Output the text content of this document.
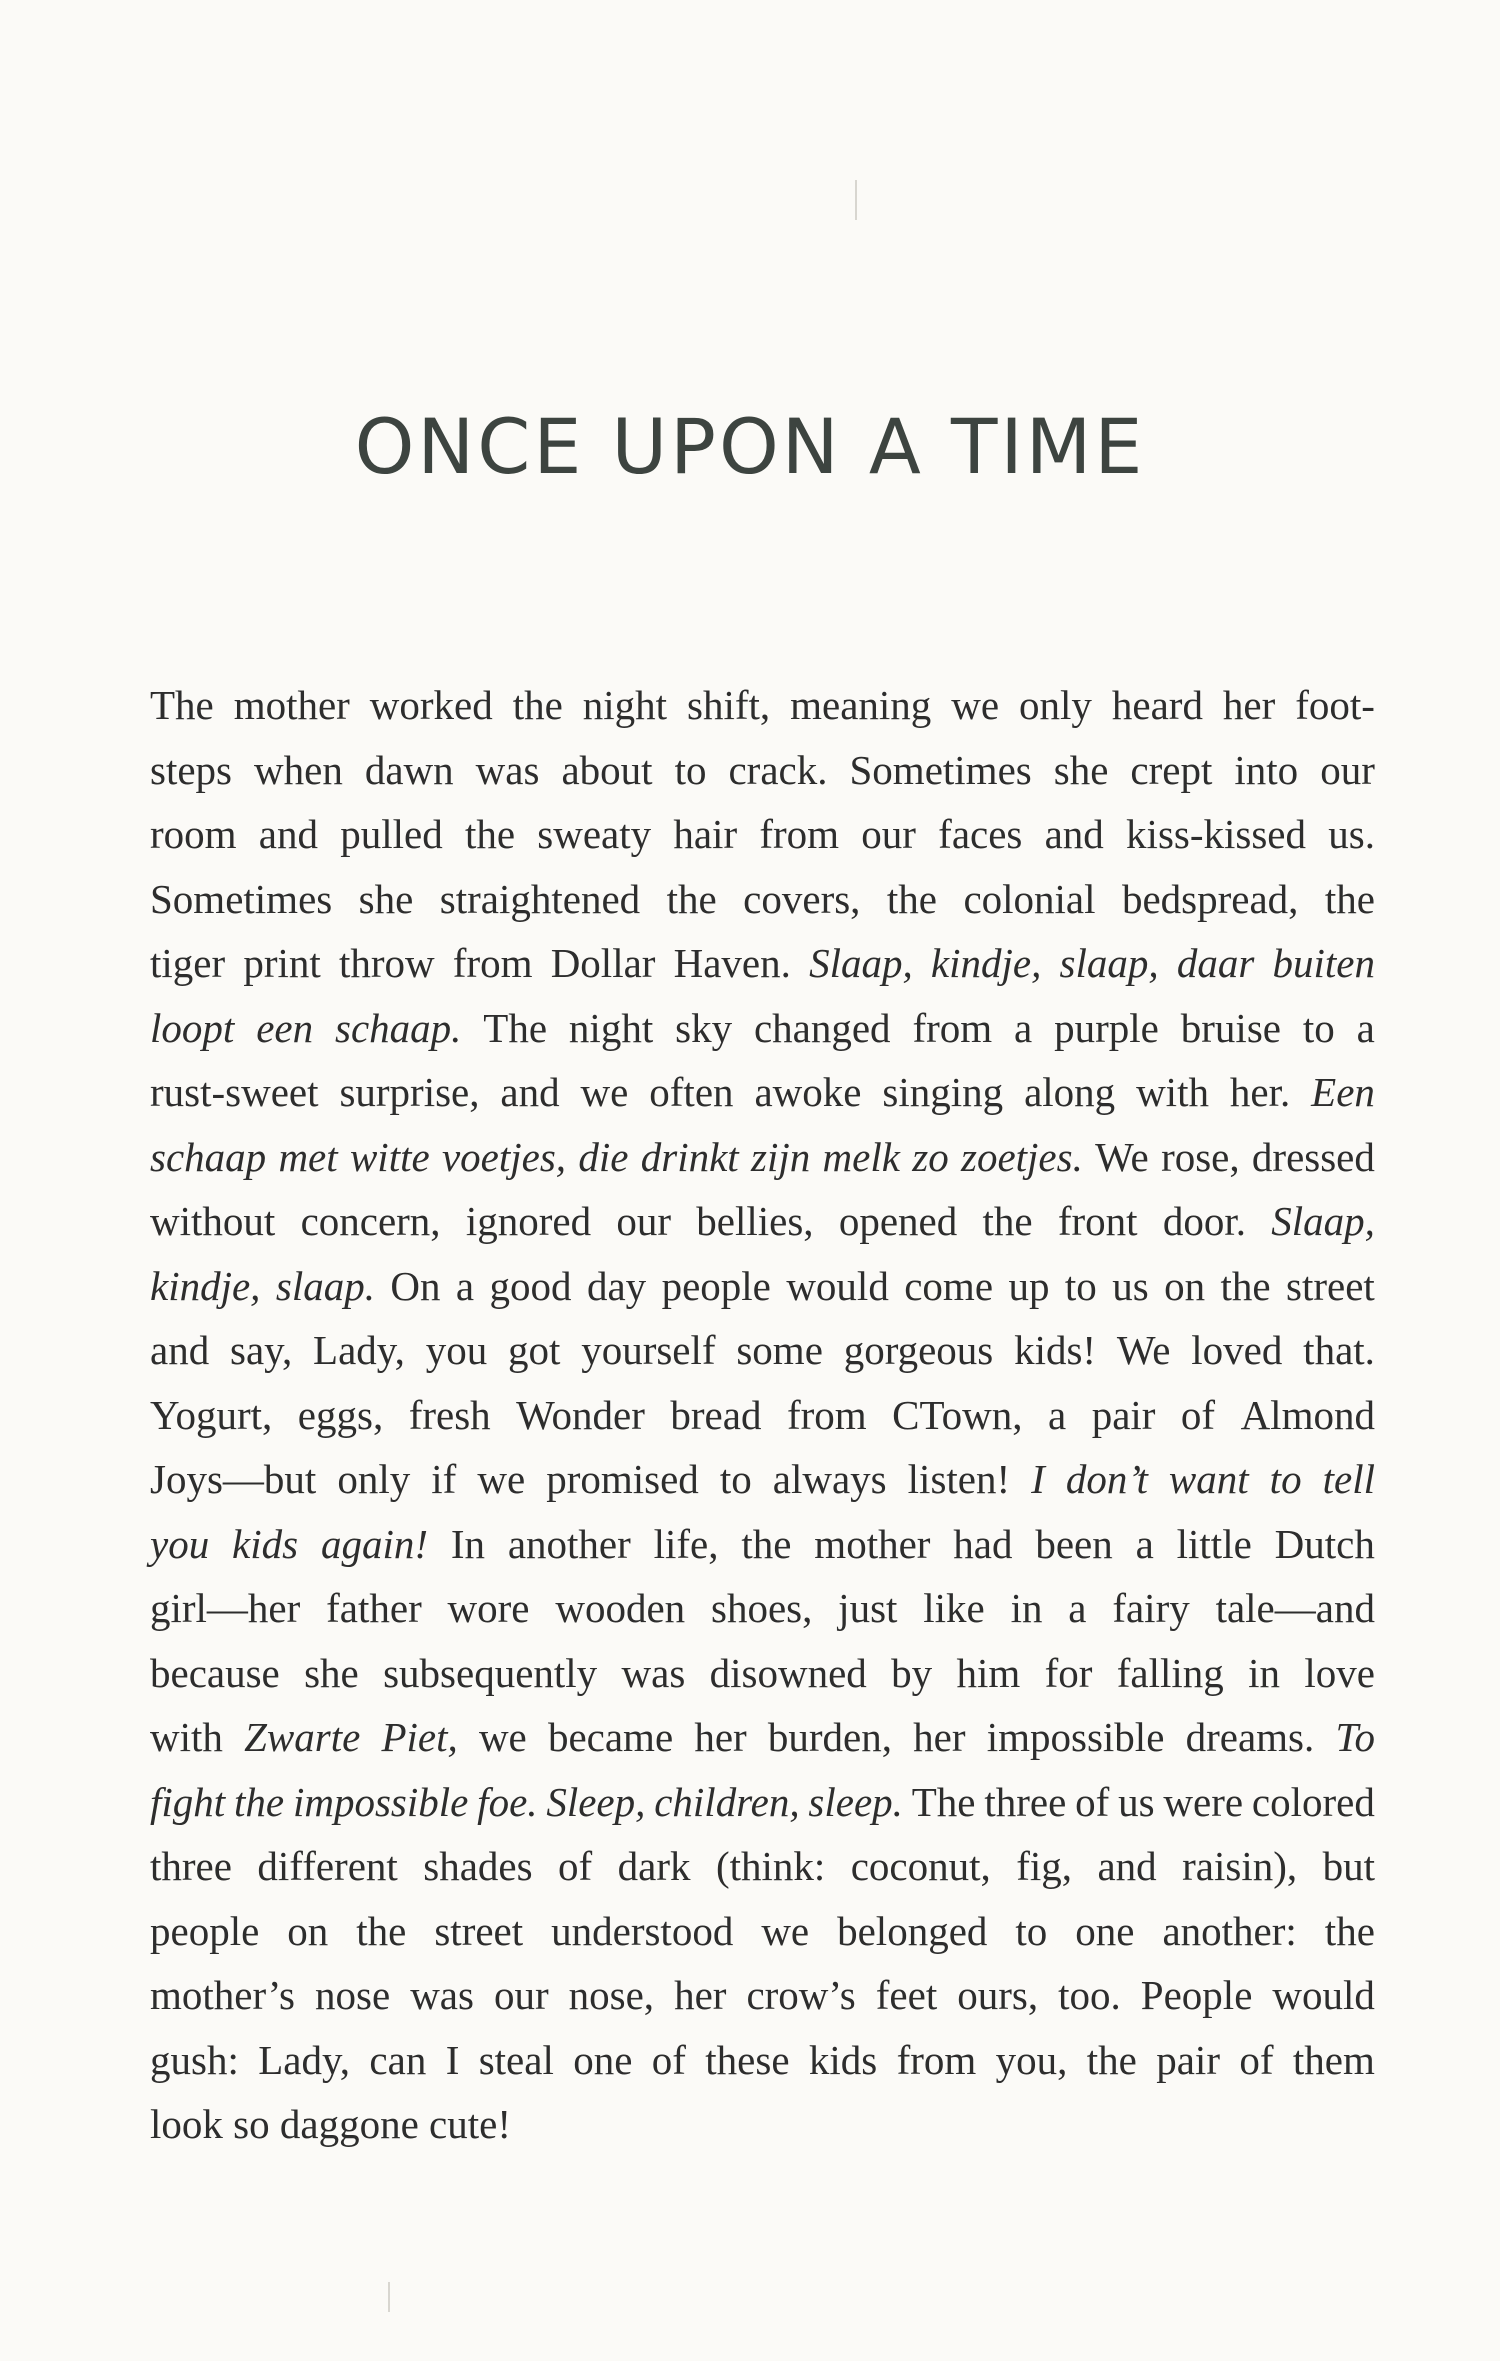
ONCE UPON A TIME
The mother worked the night shift, meaning we only heard her foot-
steps when dawn was about to crack. Sometimes she crept into our
room and pulled the sweaty hair from our faces and kiss-kissed us.
Sometimes she straightened the covers, the colonial bedspread, the
tiger print throw from Dollar Haven. Slaap, kindje, slaap, daar buiten
loopt een schaap. The night sky changed from a purple bruise to a
rust-sweet surprise, and we often awoke singing along with her. Een
schaap met witte voetjes, die drinkt zijn melk zo zoetjes. We rose, dressed
without concern, ignored our bellies, opened the front door. Slaap,
kindje, slaap. On a good day people would come up to us on the street
and say, Lady, you got yourself some gorgeous kids! We loved that.
Yogurt, eggs, fresh Wonder bread from CTown, a pair of Almond
Joys—but only if we promised to always listen! I don’t want to tell
you kids again! In another life, the mother had been a little Dutch
girl—her father wore wooden shoes, just like in a fairy tale—and
because she subsequently was disowned by him for falling in love
with Zwarte Piet, we became her burden, her impossible dreams. To
fight the impossible foe. Sleep, children, sleep. The three of us were colored
three different shades of dark (think: coconut, fig, and raisin), but
people on the street understood we belonged to one another: the
mother’s nose was our nose, her crow’s feet ours, too. People would
gush: Lady, can I steal one of these kids from you, the pair of them
look so daggone cute!
